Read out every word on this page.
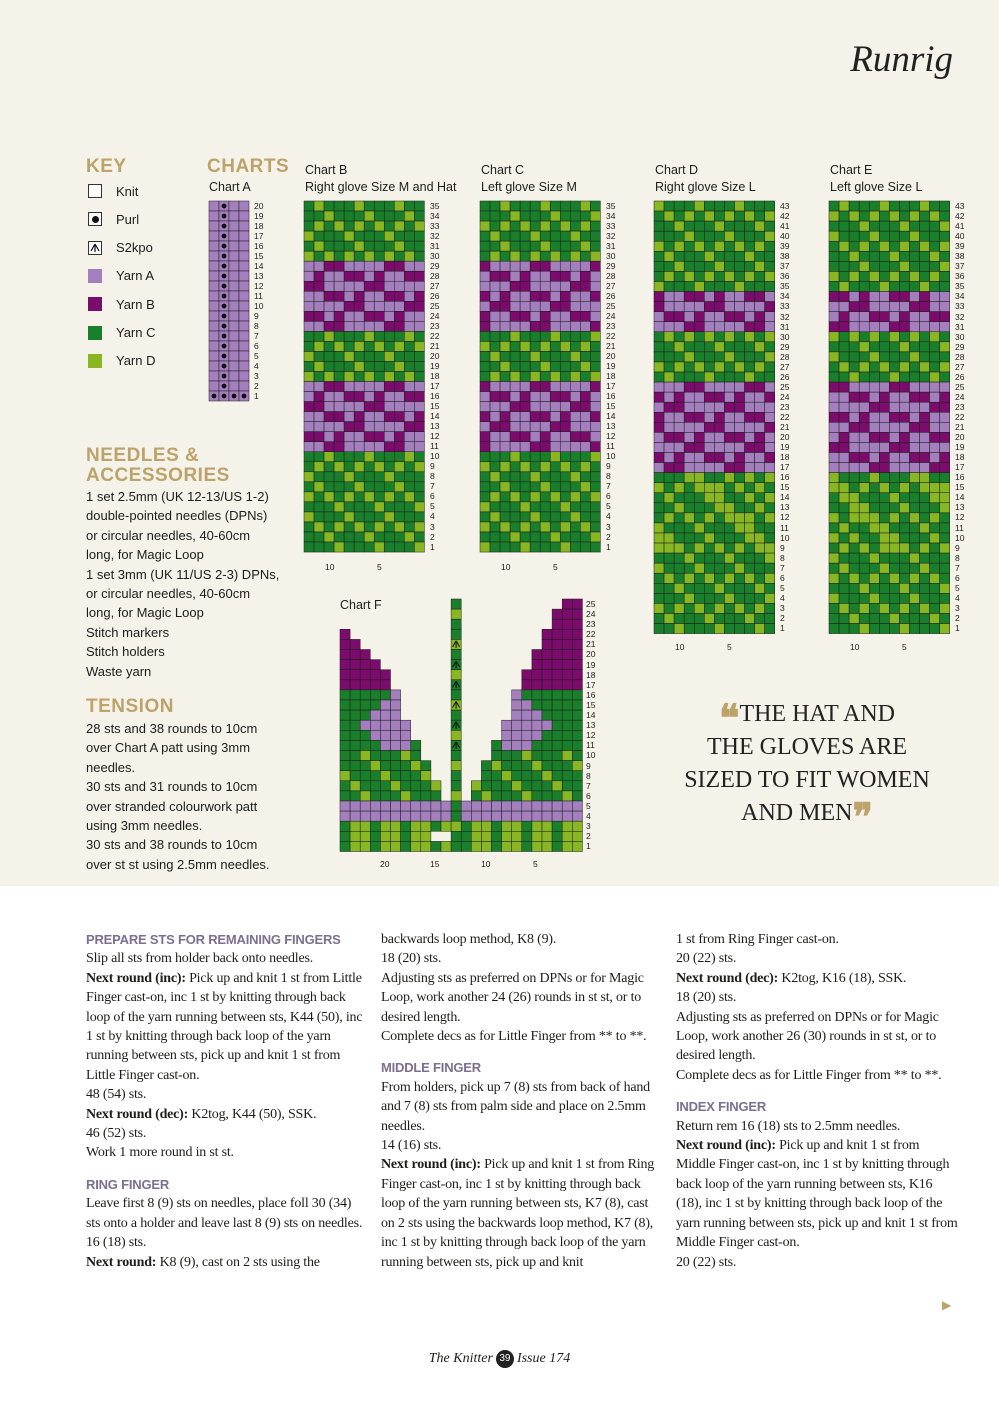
Runrig
KEY
Knit
Purl
S2kpo
Yarn A
Yarn B
Yarn C
Yarn D
CHARTS
Chart A
Chart B
Right glove Size M and Hat
Chart C
Left glove Size M
Chart D
Right glove Size L
Chart E
Left glove Size L
Chart F
20
19
18
17
16
15
14
13
12
11
10
9
8
7
6
5
4
3
2
1
35
34
33
32
31
30
29
28
27
26
25
24
23
22
21
20
19
18
17
16
15
14
13
12
11
10
9
8
7
6
5
4
3
2
1
10	5
35
34
33
32
31
30
29
28
27
26
25
24
23
22
21
20
19
18
17
16
15
14
13
12
11
10
9
8
7
6
5
4
3
2
1
10	5
43
42
41
40
39
38
37
36
35
34
33
32
31
30
29
28
27
26
25
24
23
22
21
20
19
18
17
16
15
14
13
12
11
10
9
8
7
6
5
4
3
2
1
10	5
43
42
41
40
39
38
37
36
35
34
33
32
31
30
29
28
27
26
25
24
23
22
21
20
19
18
17
16
15
14
13
12
11
10
9
8
7
6
5
4
3
2
1
10	5
25
24
23
22
21
20
19
18
17
16
15
14
13
12
11
10
9
8
7
6
5
4
3
2
1
20	15	10	5
NEEDLES &
ACCESSORIES
1 set 2.5mm (UK 12-13/US 1-2)
double-pointed needles (DPNs)
or circular needles, 40-60cm
long, for Magic Loop
1 set 3mm (UK 11/US 2-3) DPNs,
or circular needles, 40-60cm
long, for Magic Loop
Stitch markers
Stitch holders
Waste yarn
TENSION
28 sts and 38 rounds to 10cm
over Chart A patt using 3mm
needles.
30 sts and 31 rounds to 10cm
over stranded colourwork patt
using 3mm needles.
30 sts and 38 rounds to 10cm
over st st using 2.5mm needles.
❝THE HAT AND
THE GLOVES ARE
SIZED TO FIT WOMEN
AND MEN❞

PREPARE STS FOR REMAINING FINGERS

Slip all sts from holder back onto needles.

Next round (inc): Pick up and knit 1 st from Little Finger cast-on, inc 1 st by knitting through back loop of the yarn running between sts, K44 (50), inc 1 st by knitting through back loop of the yarn running between sts, pick up and knit 1 st from Little Finger cast-on.

48 (54) sts.

Next round (dec): K2tog, K44 (50), SSK.

46 (52) sts.

Work 1 more round in st st.

RING FINGER

Leave first 8 (9) sts on needles, place foll 30 (34) sts onto a holder and leave last 8 (9) sts on needles.

16 (18) sts.

Next round: K8 (9), cast on 2 sts using the

backwards loop method, K8 (9).

18 (20) sts.

Adjusting sts as preferred on DPNs or for Magic Loop, work another 24 (26) rounds in st st, or to desired length.

Complete decs as for Little Finger from ** to **.

MIDDLE FINGER

From holders, pick up 7 (8) sts from back of hand and 7 (8) sts from palm side and place on 2.5mm needles.

14 (16) sts.

Next round (inc): Pick up and knit 1 st from Ring Finger cast-on, inc 1 st by knitting through back loop of the yarn running between sts, K7 (8), cast on 2 sts using the backwards loop method, K7 (8), inc 1 st by knitting through back loop of the yarn running between sts, pick up and knit

1 st from Ring Finger cast-on.

20 (22) sts.

Next round (dec): K2tog, K16 (18), SSK.

18 (20) sts.

Adjusting sts as preferred on DPNs or for Magic Loop, work another 26 (30) rounds in st st, or to desired length.

Complete decs as for Little Finger from ** to **.

INDEX FINGER

Return rem 16 (18) sts to 2.5mm needles.

Next round (inc): Pick up and knit 1 st from Middle Finger cast-on, inc 1 st by knitting through back loop of the yarn running between sts, K16 (18), inc 1 st by knitting through back loop of the yarn running between sts, pick up and knit 1 st from Middle Finger cast-on.

20 (22) sts.

▶
The Knitter 39 Issue 174
